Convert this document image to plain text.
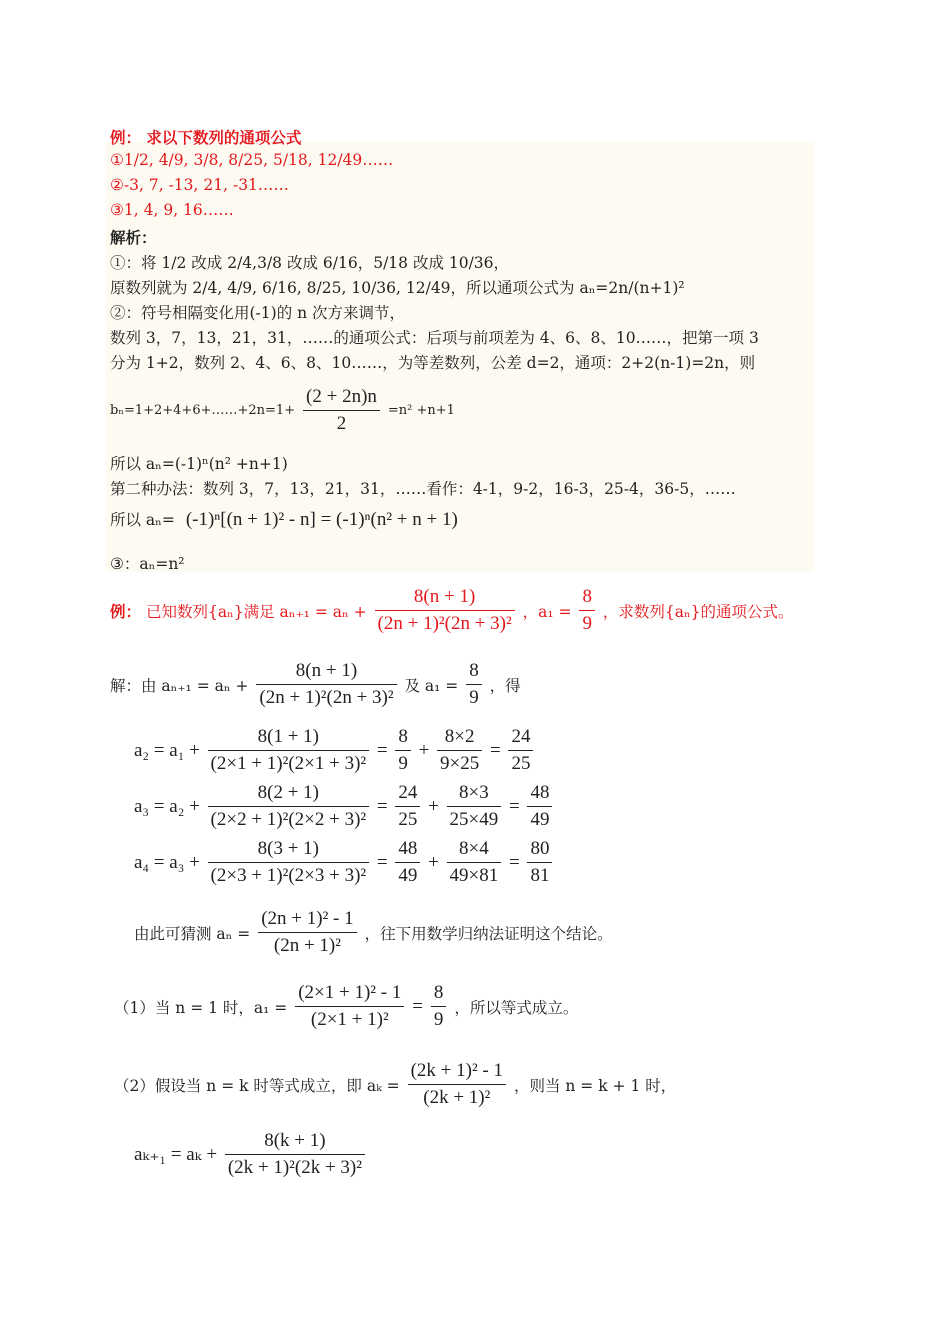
例： 求以下数列的通项公式
①1/2, 4/9, 3/8, 8/25, 5/18, 12/49……
②-3, 7, -13, 21, -31……
③1, 4, 9, 16……
解析：
①：将 1/2 改成 2/4,3/8 改成 6/16，5/18 改成 10/36，
原数列就为 2/4, 4/9, 6/16, 8/25, 10/36, 12/49，所以通项公式为 aₙ=2n/(n+1)²
②：符号相隔变化用(-1)的 n 次方来调节，
数列 3，7，13，21，31，……的通项公式：后项与前项差为 4、6、8、10……，把第一项 3
分为 1+2，数列 2、4、6、8、10……，为等差数列，公差 d=2，通项：2+2(n-1)=2n，则
bₙ=1+2+4+6+……+2n=1+ $\frac{(2 + 2n)n}{2} =n^2 +n+1$
所以 aₙ=(-1)ⁿ(n² +n+1)
第二种办法：数列 3，7，13，21，31，……看作：4-1，9-2，16-3，25-4，36-5，……
所以 aₙ= (-1)ⁿ[(n + 1)² - n] = (-1)ⁿ(n² + n + 1)
③：aₙ=n²
例： 已知数列{aₙ}满足 $a_{n+1} = a_n + \frac{8(n + 1)}{\text{(2n + 1)²(2n + 3)²}}$ ，$a_1 = \frac{8}{9}$ ，求数列{aₙ}的通项公式。
解：由 $a_{n+1} = a_n + \frac{8(n + 1)}{\text{(2n + 1)²(2n + 3)²}}$ 及 $a_1 = \frac{8}{9}$ ，得
$a_2 = a_1 + \frac{8(1 + 1)}{\text{(2×1 + 1)²(2×1 + 3)²}} = \frac{8}{9} + \frac{8\times 2}{9\times 25} = \frac{24}{25}$
$a_3 = a_2 + \frac{8(2 + 1)}{\text{(2×2 + 1)²(2×2 + 3)²}} = \frac{24}{25} + \frac{8\times 3}{25\times 49} = \frac{48}{49}$
$a_4 = a_3 + \frac{8(3 + 1)}{\text{(2×3 + 1)²(2×3 + 3)²}} = \frac{48}{49} + \frac{8\times 4}{49\times 81} = \frac{80}{81}$
由此可猜测 $a_n = \frac{\text{(2n + 1)² - 1}}{\text{(2n + 1)²}}$ ，往下用数学归纳法证明这个结论。
（1）当 n = 1 时，$a_1 = \frac{\text{(2×1 + 1)² - 1}}{\text{(2×1 + 1)²}} = \frac{8}{9}$ ，所以等式成立。
（2）假设当 n = k 时等式成立，即 $a_k = \frac{\text{(2k + 1)² - 1}}{\text{(2k + 1)²}}$ ，则当 n = k + 1 时，
$a_{k+1} = a_k + \frac{8(k + 1)}{\text{(2k + 1)²(2k + 3)²}}$
